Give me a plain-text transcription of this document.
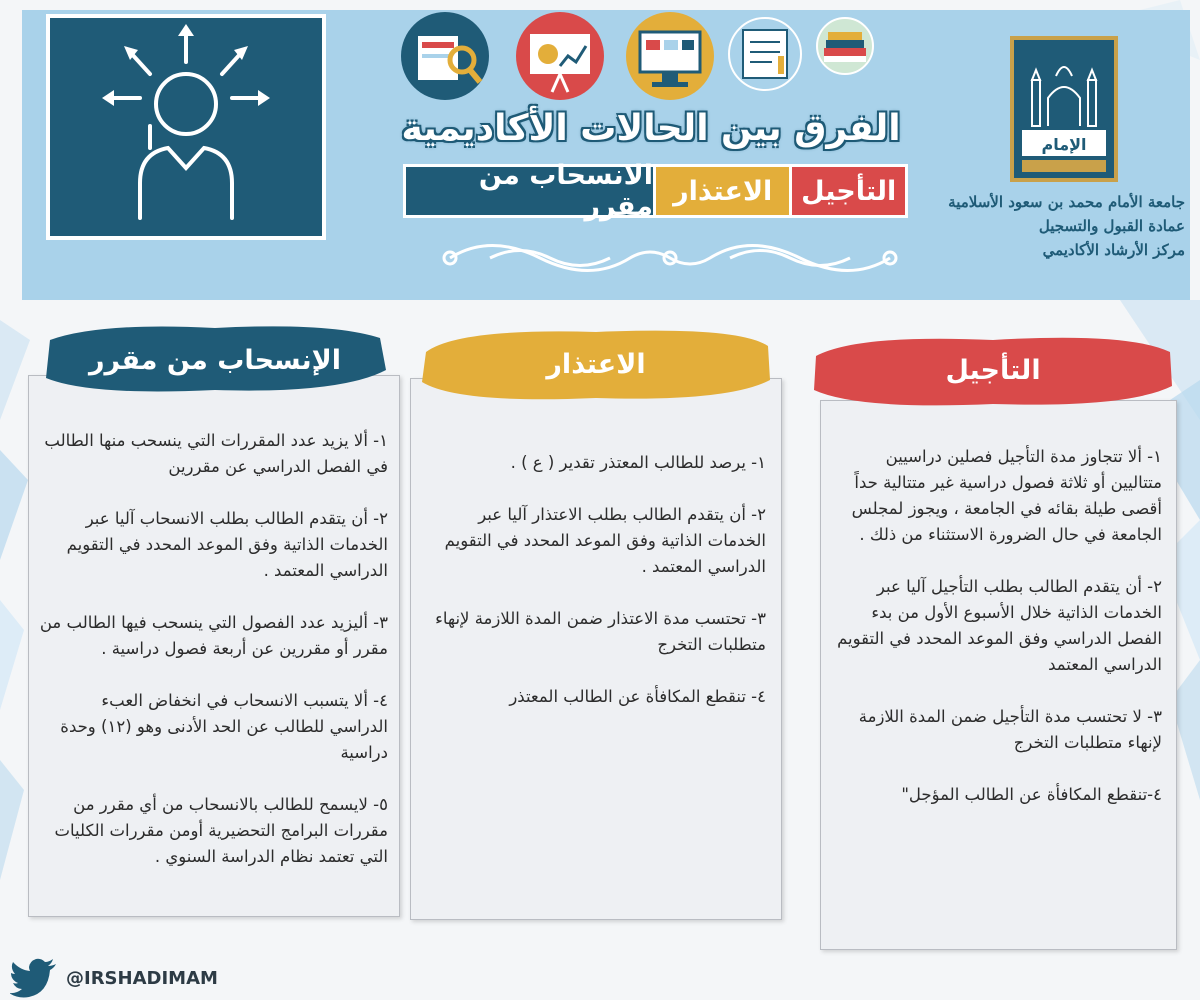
الفرق بين الحالات الأكاديمية
الانسحاب من مقرر الاعتذار	التأجيل
الإمام
جامعة الأمام محمد بن سعود الأسلامية
عمادة القبول والتسجيل
مركز الأرشاد الأكاديمي
الإنسحاب من مقرر

١- ألا يزيد عدد المقررات التي ينسحب منها الطالب في الفصل الدراسي عن مقررين

٢- أن يتقدم الطالب بطلب الانسحاب آليا عبر الخدمات الذاتية وفق الموعد المحدد في التقويم الدراسي المعتمد .

٣- أليزيد عدد الفصول التي ينسحب فيها الطالب من مقرر أو مقررين عن أربعة فصول دراسية .

٤- ألا يتسبب الانسحاب في انخفاض العبء الدراسي للطالب عن الحد الأدنى وهو (١٢) وحدة دراسية

٥- لايسمح للطالب بالانسحاب من أي مقرر من مقررات البرامج التحضيرية أومن مقررات الكليات التي تعتمد نظام الدراسة السنوي .

الاعتذار

١- يرصد للطالب المعتذر تقدير ( ع ) .

٢- أن يتقدم الطالب بطلب الاعتذار آليا عبر الخدمات الذاتية وفق الموعد المحدد في التقويم الدراسي المعتمد .

٣- تحتسب مدة الاعتذار ضمن المدة اللازمة لإنهاء متطلبات التخرج

٤- تنقطع المكافأة عن الطالب المعتذر

التأجيل

١- ألا تتجاوز مدة التأجيل فصلين دراسيين متتاليين أو ثلاثة فصول دراسية غير متتالية حداً أقصى طيلة بقائه في الجامعة ، ويجوز لمجلس الجامعة في حال الضرورة الاستثناء من ذلك .

٢- أن يتقدم الطالب بطلب التأجيل آليا عبر الخدمات الذاتية خلال الأسبوع الأول من بدء الفصل الدراسي وفق الموعد المحدد في التقويم الدراسي المعتمد

٣- لا تحتسب مدة التأجيل ضمن المدة اللازمة لإنهاء متطلبات التخرج

٤-تنقطع المكافأة عن الطالب المؤجل"

@IRSHADIMAM
